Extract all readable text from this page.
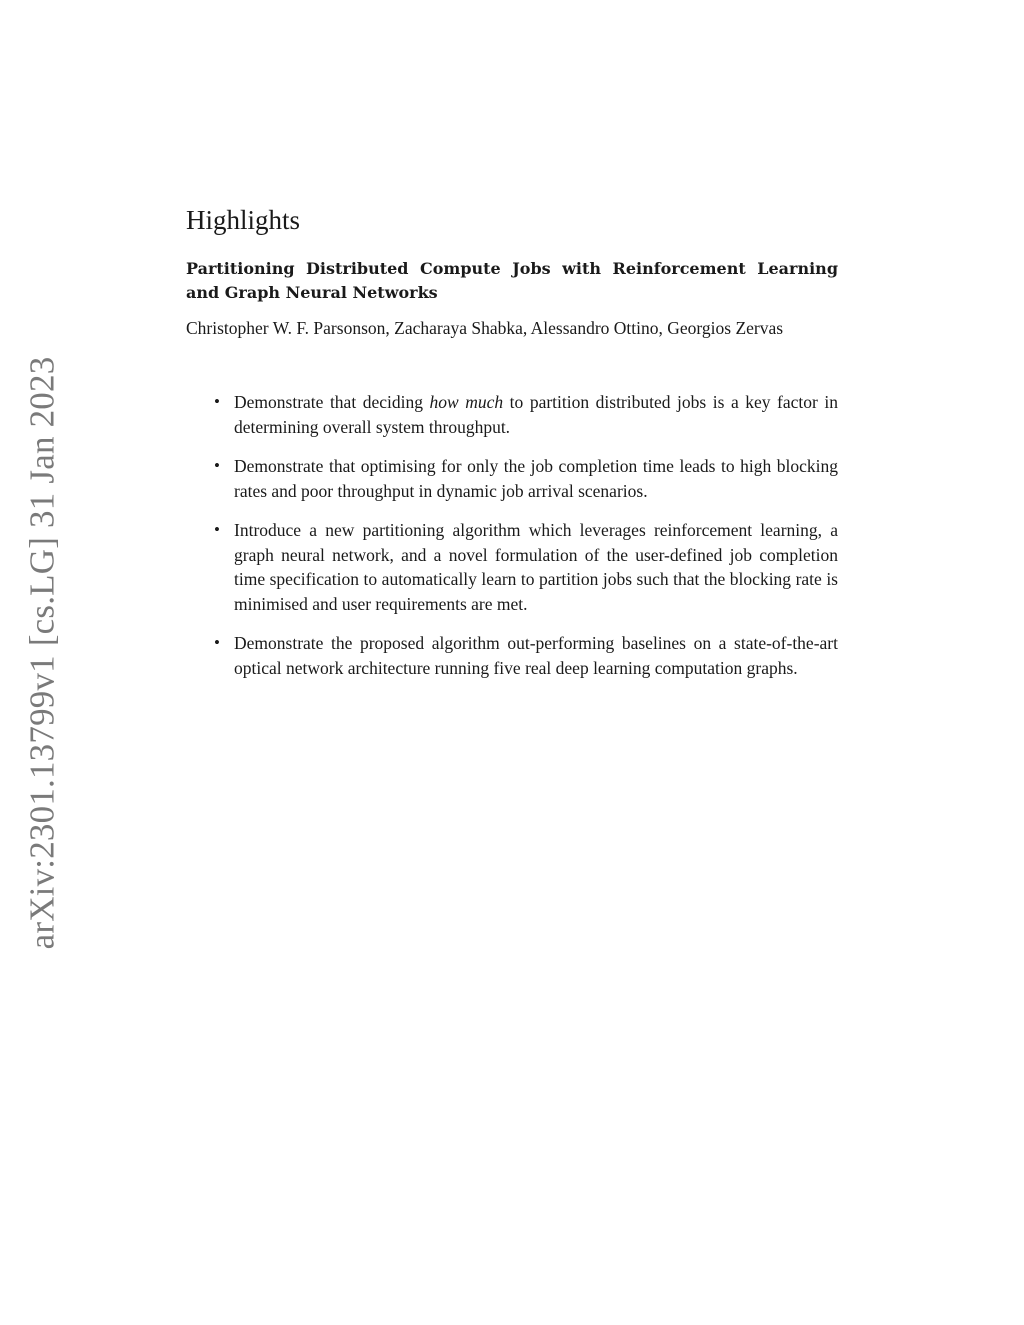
arXiv:2301.13799v1 [cs.LG] 31 Jan 2023
Highlights
Partitioning Distributed Compute Jobs with Reinforcement Learning and Graph Neural Networks

Christopher W. F. Parsonson, Zacharaya Shabka, Alessandro Ottino, Georgios Zervas

• Demonstrate that deciding how much to partition distributed jobs is a key factor in determining overall system throughput.
• Demonstrate that optimising for only the job completion time leads to high blocking rates and poor throughput in dynamic job arrival scenarios.
• Introduce a new partitioning algorithm which leverages reinforcement learning, a graph neural network, and a novel formulation of the user-defined job completion time specification to automatically learn to partition jobs such that the blocking rate is minimised and user requirements are met.
• Demonstrate the proposed algorithm out-performing baselines on a state-of-the-art optical network architecture running five real deep learning computation graphs.
